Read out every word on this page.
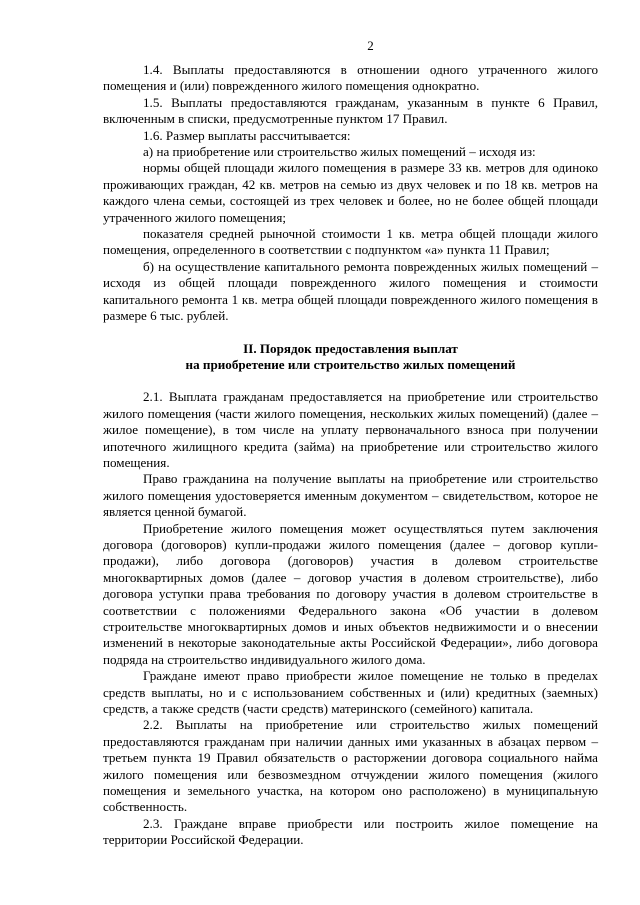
2

1.4. Выплаты предоставляются в отношении одного утраченного жилого помещения и (или) поврежденного жилого помещения однократно.

1.5. Выплаты предоставляются гражданам, указанным в пункте 6 Правил, включенным в списки, предусмотренные пунктом 17 Правил.

1.6. Размер выплаты рассчитывается:

а) на приобретение или строительство жилых помещений – исходя из:

нормы общей площади жилого помещения в размере 33 кв. метров для одиноко проживающих граждан, 42 кв. метров на семью из двух человек и по 18 кв. метров на каждого члена семьи, состоящей из трех человек и более, но не более общей площади утраченного жилого помещения;

показателя средней рыночной стоимости 1 кв. метра общей площади жилого помещения, определенного в соответствии с подпунктом «а» пункта 11 Правил;

б) на осуществление капитального ремонта поврежденных жилых помещений – исходя из общей площади поврежденного жилого помещения и стоимости капитального ремонта 1 кв. метра общей площади поврежденного жилого помещения в размере 6 тыс. рублей.

II. Порядок предоставления выплат
на приобретение или строительство жилых помещений

2.1. Выплата гражданам предоставляется на приобретение или строительство жилого помещения (части жилого помещения, нескольких жилых помещений) (далее – жилое помещение), в том числе на уплату первоначального взноса при получении ипотечного жилищного кредита (займа) на приобретение или строительство жилого помещения.

Право гражданина на получение выплаты на приобретение или строительство жилого помещения удостоверяется именным документом – свидетельством, которое не является ценной бумагой.

Приобретение жилого помещения может осуществляться путем заключения договора (договоров) купли-продажи жилого помещения (далее – договор купли-продажи), либо договора (договоров) участия в долевом строительстве многоквартирных домов (далее – договор участия в долевом строительстве), либо договора уступки права требования по договору участия в долевом строительстве в соответствии с положениями Федерального закона «Об участии в долевом строительстве многоквартирных домов и иных объектов недвижимости и о внесении изменений в некоторые законодательные акты Российской Федерации», либо договора подряда на строительство индивидуального жилого дома.

Граждане имеют право приобрести жилое помещение не только в пределах средств выплаты, но и с использованием собственных и (или) кредитных (заемных) средств, а также средств (части средств) материнского (семейного) капитала.

2.2. Выплаты на приобретение или строительство жилых помещений предоставляются гражданам при наличии данных ими указанных в абзацах первом – третьем пункта 19 Правил обязательств о расторжении договора социального найма жилого помещения или безвозмездном отчуждении жилого помещения (жилого помещения и земельного участка, на котором оно расположено) в муниципальную собственность.

2.3. Граждане вправе приобрести или построить жилое помещение на территории Российской Федерации.
